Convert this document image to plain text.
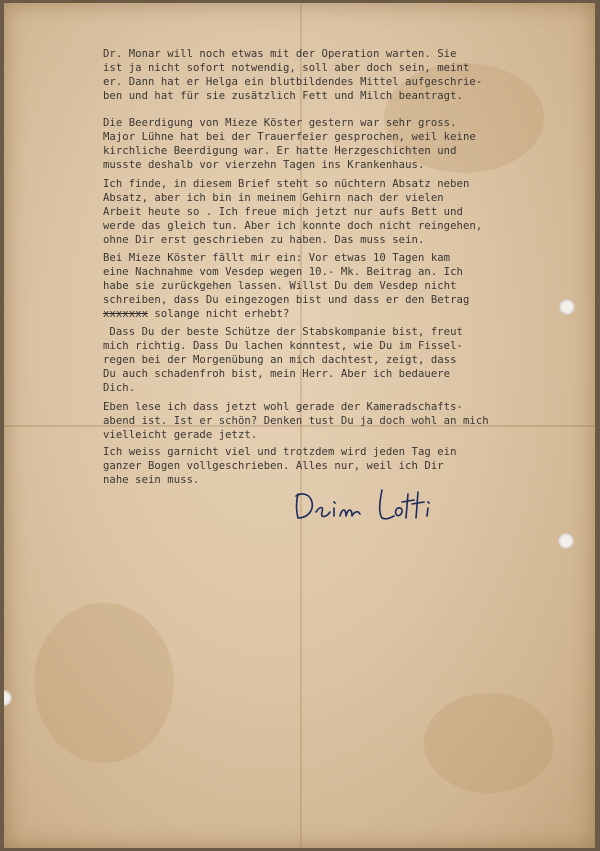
Dr. Monar will noch etwas mit der Operation warten. Sie
ist ja nicht sofort notwendig, soll aber doch sein, meint
er. Dann hat er Helga ein blutbildendes Mittel aufgeschrie-
ben und hat für sie zusätzlich Fett und Milch beantragt.

Die Beerdigung von Mieze Köster gestern war sehr gross.
Major Lühne hat bei der Trauerfeier gesprochen, weil keine
kirchliche Beerdigung war. Er hatte Herzgeschichten und
musste deshalb vor vierzehn Tagen ins Krankenhaus.

Ich finde, in diesem Brief steht so nüchtern Absatz neben
Absatz, aber ich bin in meinem Gehirn nach der vielen
Arbeit heute so . Ich freue mich jetzt nur aufs Bett und
werde das gleich tun. Aber ich konnte doch nicht reingehen,
ohne Dir erst geschrieben zu haben. Das muss sein.

Bei Mieze Köster fällt mir ein: Vor etwas 10 Tagen kam
eine Nachnahme vom Vesdep wegen 10.- Mk. Beitrag an. Ich
habe sie zurückgehen lassen. Willst Du dem Vesdep nicht
schreiben, dass Du eingezogen bist und dass er den Betrag
xxxxxxx solange nicht erhebt?

Dass Du der beste Schütze der Stabskompanie bist, freut
mich richtig. Dass Du lachen konntest, wie Du im Fissel-
regen bei der Morgenübung an mich dachtest, zeigt, dass
Du auch schadenfroh bist, mein Herr. Aber ich bedauere
Dich.

Eben lese ich dass jetzt wohl gerade der Kameradschafts-
abend ist. Ist er schön? Denken tust Du ja doch wohl an mich
vielleicht gerade jetzt.

Ich weiss garnicht viel und trotzdem wird jeden Tag ein
ganzer Bogen vollgeschrieben. Alles nur, weil ich Dir
nahe sein muss.
